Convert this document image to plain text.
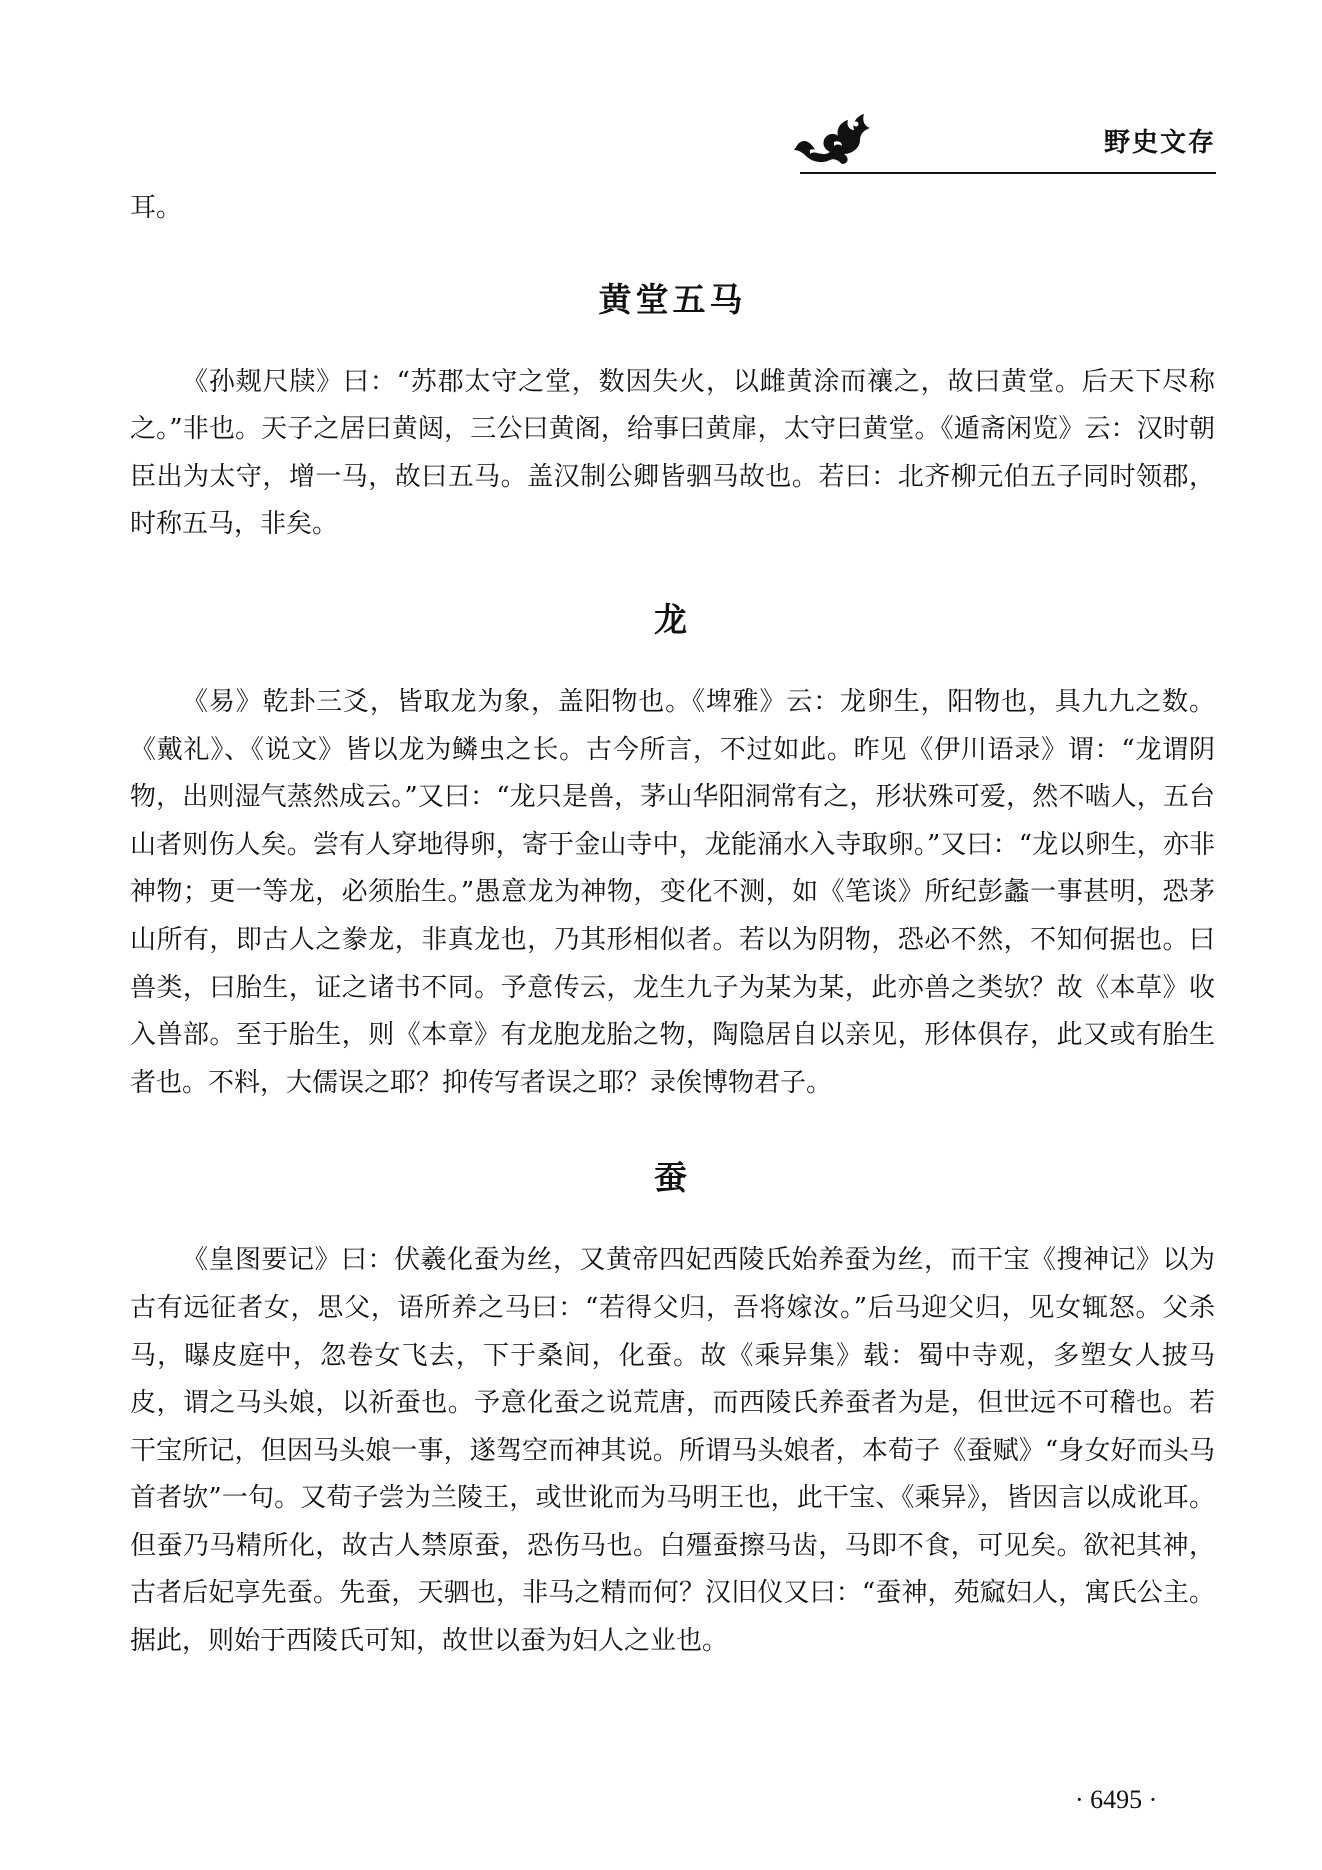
野史文存

耳。

黄堂五马

《孙觌尺牍》曰：“苏郡太守之堂，数因失火，以雌黄涂而禳之，故曰黄堂。后天下尽称之。”非也。天子之居曰黄闼，三公曰黄阁，给事曰黄扉，太守曰黄堂。《遁斋闲览》云：汉时朝臣出为太守，增一马，故曰五马。盖汉制公卿皆驷马故也。若曰：北齐柳元伯五子同时领郡，时称五马，非矣。

龙

《易》乾卦三爻，皆取龙为象，盖阳物也。《埤雅》云：龙卵生，阳物也，具九九之数。《戴礼》、《说文》皆以龙为鳞虫之长。古今所言，不过如此。昨见《伊川语录》谓：“龙谓阴物，出则湿气蒸然成云。”又曰：“龙只是兽，茅山华阳洞常有之，形状殊可爱，然不啮人，五台山者则伤人矣。尝有人穿地得卵，寄于金山寺中，龙能涌水入寺取卵。”又曰：“龙以卵生，亦非神物；更一等龙，必须胎生。”愚意龙为神物，变化不测，如《笔谈》所纪彭蠡一事甚明，恐茅山所有，即古人之豢龙，非真龙也，乃其形相似者。若以为阴物，恐必不然，不知何据也。曰兽类，曰胎生，证之诸书不同。予意传云，龙生九子为某为某，此亦兽之类欤？故《本草》收入兽部。至于胎生，则《本章》有龙胞龙胎之物，陶隐居自以亲见，形体俱存，此又或有胎生者也。不料，大儒误之耶？抑传写者误之耶？录俟博物君子。

蚕

《皇图要记》曰：伏羲化蚕为丝，又黄帝四妃西陵氏始养蚕为丝，而干宝《搜神记》以为古有远征者女，思父，语所养之马曰：“若得父归，吾将嫁汝。”后马迎父归，见女辄怒。父杀马，曝皮庭中，忽卷女飞去，下于桑间，化蚕。故《乘异集》载：蜀中寺观，多塑女人披马皮，谓之马头娘，以祈蚕也。予意化蚕之说荒唐，而西陵氏养蚕者为是，但世远不可稽也。若干宝所记，但因马头娘一事，遂驾空而神其说。所谓马头娘者，本荀子《蚕赋》“身女好而头马首者欤”一句。又荀子尝为兰陵王，或世讹而为马明王也，此干宝、《乘异》，皆因言以成讹耳。但蚕乃马精所化，故古人禁原蚕，恐伤马也。白殭蚕擦马齿，马即不食，可见矣。欲祀其神，古者后妃享先蚕。先蚕，天驷也，非马之精而何？汉旧仪又曰：“蚕神，苑窳妇人，寓氏公主。据此，则始于西陵氏可知，故世以蚕为妇人之业也。

· 6495 ·
